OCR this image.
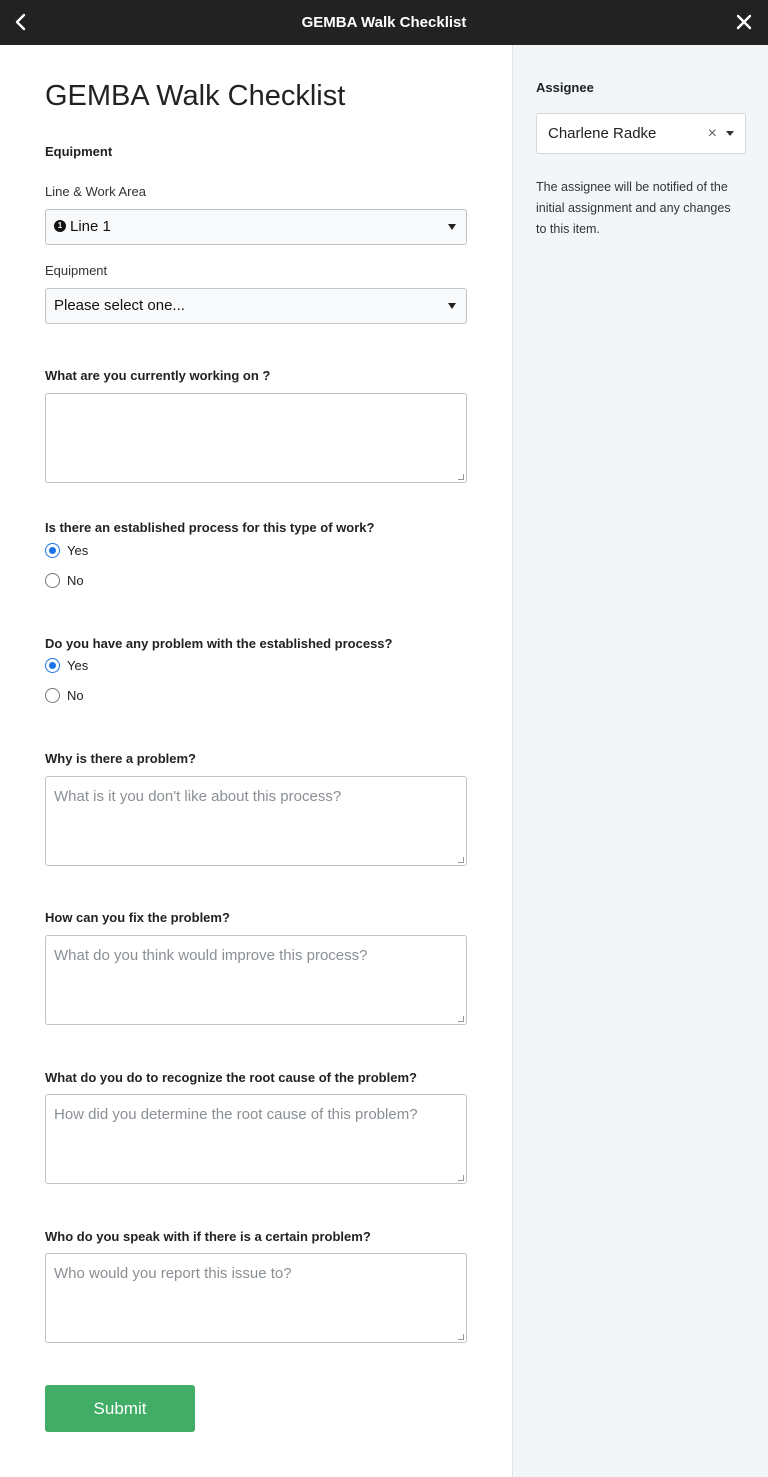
GEMBA Walk Checklist
GEMBA Walk Checklist
Equipment
Line & Work Area
1 Line 1
Equipment
Please select one...
What are you currently working on ?
Is there an established process for this type of work?
Yes
No
Do you have any problem with the established process?
Yes
No
Why is there a problem?
What is it you don't like about this process?
How can you fix the problem?
What do you think would improve this process?
What do you do to recognize the root cause of the problem?
How did you determine the root cause of this problem?
Who do you speak with if there is a certain problem?
Who would you report this issue to?
Submit
Assignee
Charlene Radke	×
The assignee will be notified of the initial assignment and any changes to this item.
